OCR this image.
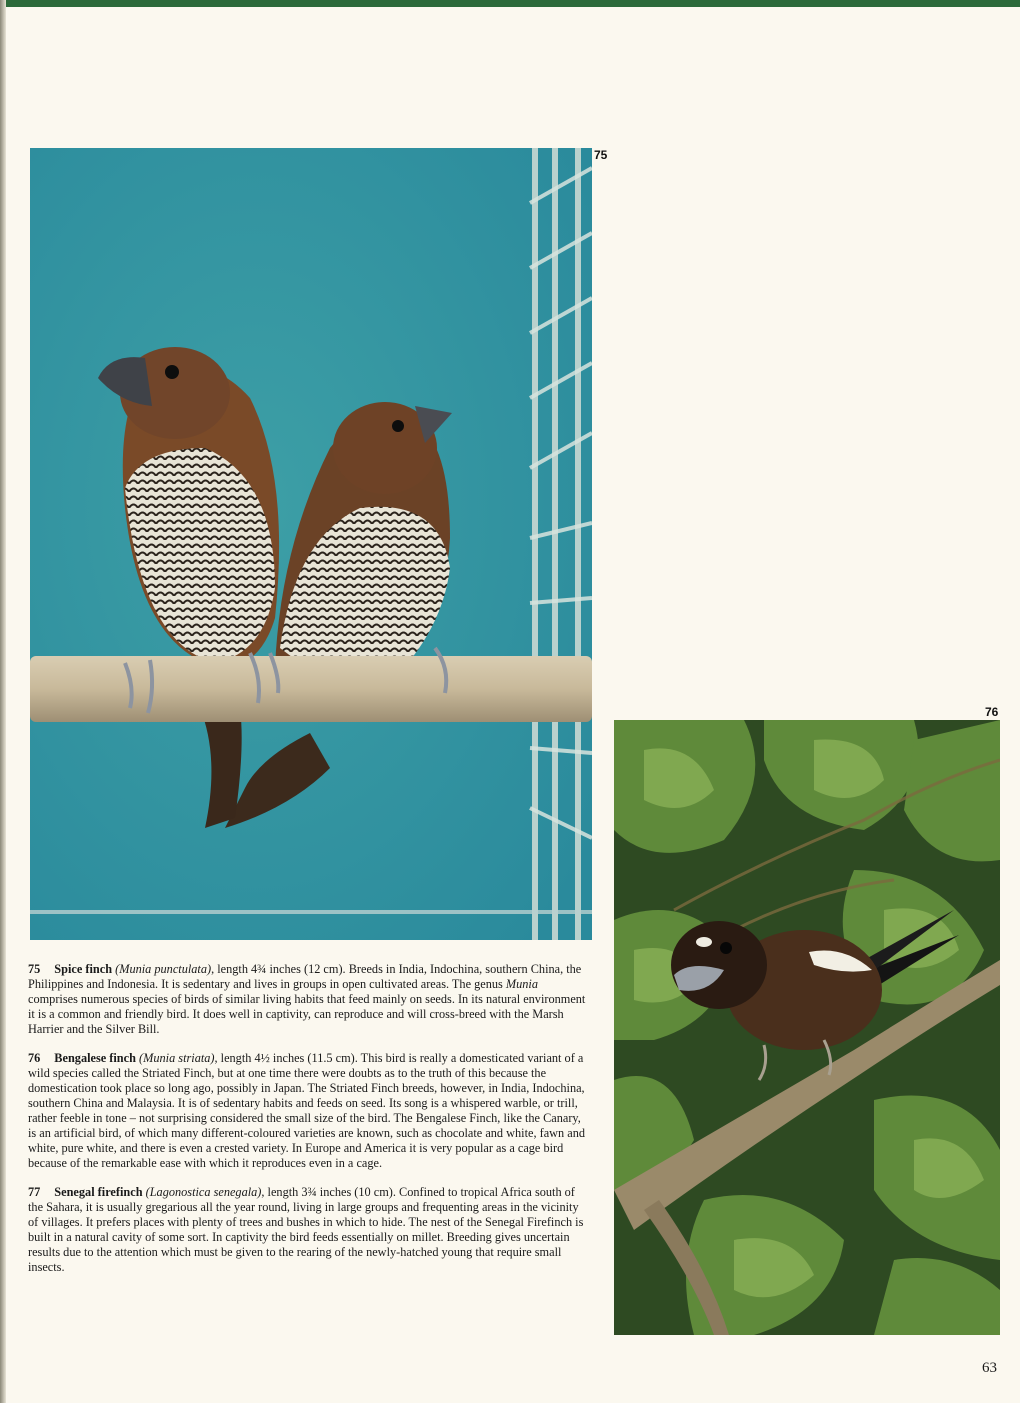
75
76

75 Spice finch (Munia punctulata), length 4¾ inches (12 cm). Breeds in India, Indochina, southern China, the Philippines and Indonesia. It is sedentary and lives in groups in open cultivated areas. The genus Munia comprises numerous species of birds of similar living habits that feed mainly on seeds. In its natural environment it is a common and friendly bird. It does well in captivity, can reproduce and will cross-breed with the Marsh Harrier and the Silver Bill.

76 Bengalese finch (Munia striata), length 4½ inches (11.5 cm). This bird is really a domesticated variant of a wild species called the Striated Finch, but at one time there were doubts as to the truth of this because the domestication took place so long ago, possibly in Japan. The Striated Finch breeds, however, in India, Indochina, southern China and Malaysia. It is of sedentary habits and feeds on seed. Its song is a whispered warble, or trill, rather feeble in tone – not surprising considered the small size of the bird. The Bengalese Finch, like the Canary, is an artificial bird, of which many different-coloured varieties are known, such as chocolate and white, fawn and white, pure white, and there is even a crested variety. In Europe and America it is very popular as a cage bird because of the remarkable ease with which it reproduces even in a cage.

77 Senegal firefinch (Lagonostica senegala), length 3¾ inches (10 cm). Confined to tropical Africa south of the Sahara, it is usually gregarious all the year round, living in large groups and frequenting areas in the vicinity of villages. It prefers places with plenty of trees and bushes in which to hide. The nest of the Senegal Firefinch is built in a natural cavity of some sort. In captivity the bird feeds essentially on millet. Breeding gives uncertain results due to the attention which must be given to the rearing of the newly-hatched young that require small insects.

63
